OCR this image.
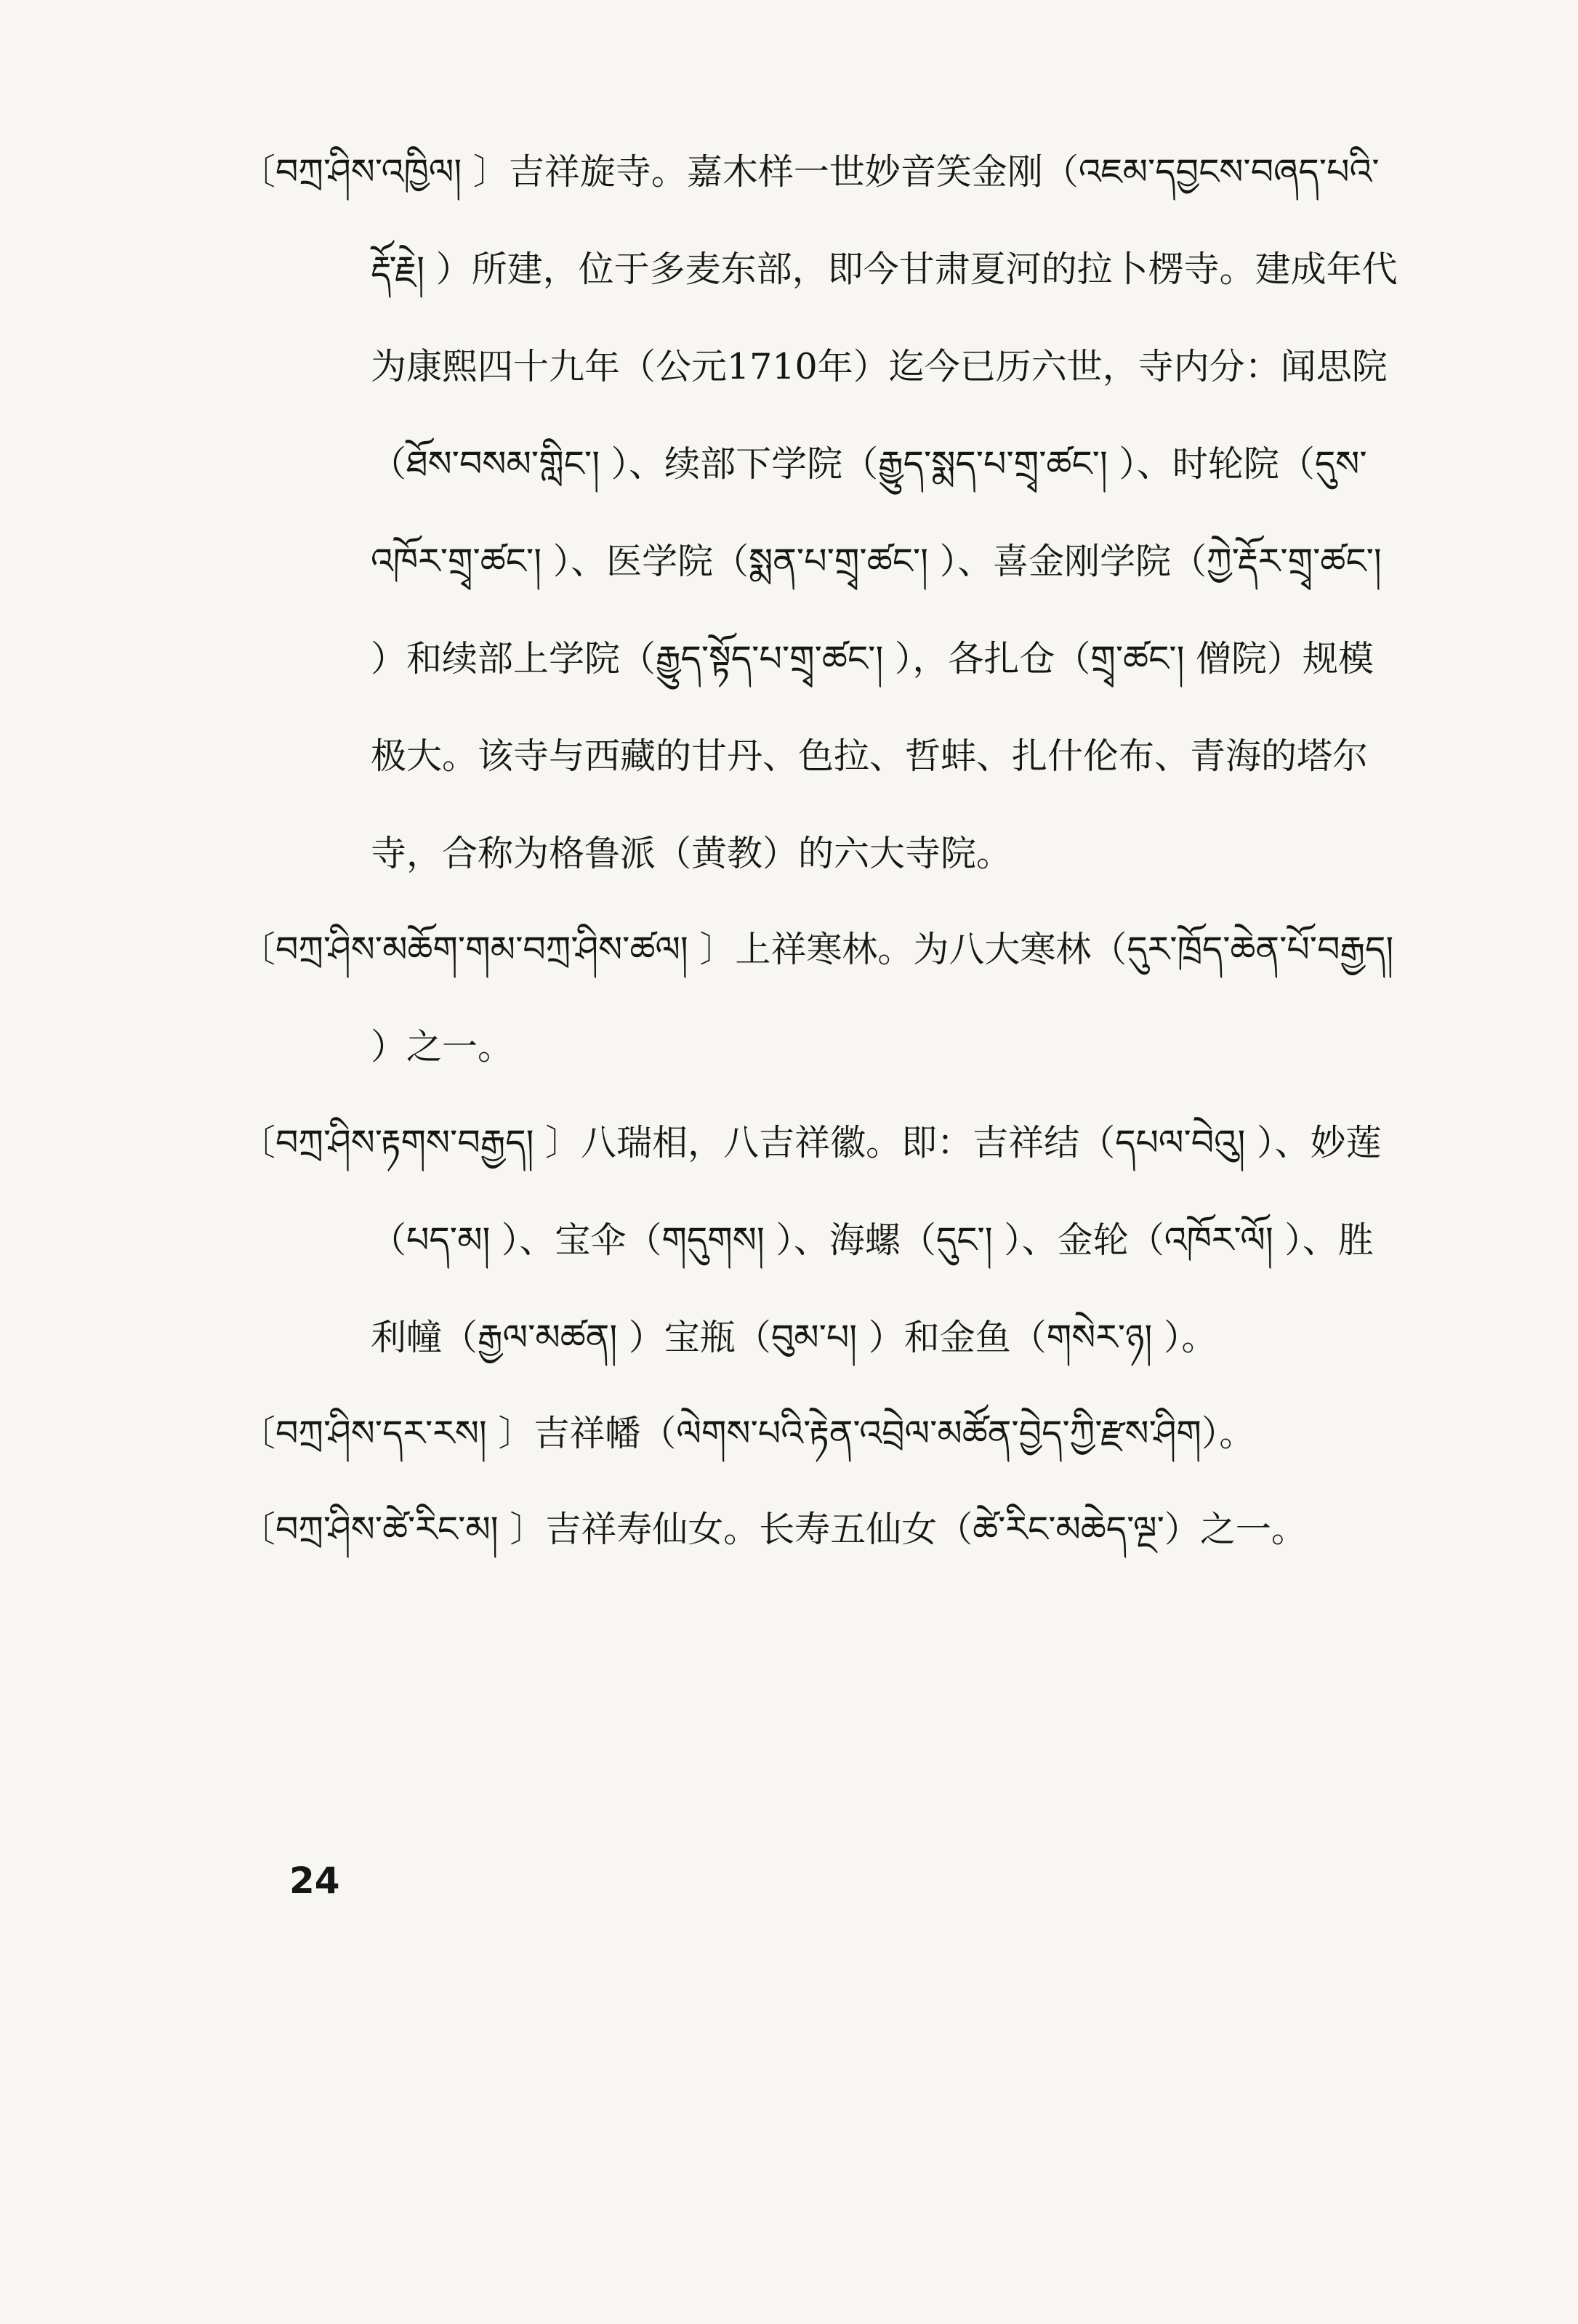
〔བཀྲ་ཤིས་འཁྱིལ། 〕吉祥旋寺。嘉木样一世妙音笑金刚（འཇམ་དབྱངས་བཞད་པའི་རྡོ་རྗེ། ）所建，位于多麦东部，即今甘肃夏河的拉卜楞寺。建成年代为康熙四十九年（公元1710年）迄今已历六世，寺内分：闻思院（ཐོས་བསམ་གླིང་། ）、续部下学院（རྒྱུད་སྨད་པ་གྲྭ་ཚང་། ）、时轮院（དུས་འཁོར་གྲྭ་ཚང་། ）、医学院（སྨན་པ་གྲྭ་ཚང་། ）、喜金刚学院（ཀྱེ་རྡོར་གྲྭ་ཚང་། ）和续部上学院（རྒྱུད་སྟོད་པ་གྲྭ་ཚང་། ），各扎仓（གྲྭ་ཚང་། 僧院）规模极大。该寺与西藏的甘丹、色拉、哲蚌、扎什伦布、青海的塔尔寺，合称为格鲁派（黄教）的六大寺院。

〔བཀྲ་ཤིས་མཆོག་གམ་བཀྲ་ཤིས་ཚལ། 〕上祥寒林。为八大寒林（དུར་ཁྲོད་ཆེན་པོ་བརྒྱད། ）之一。

〔བཀྲ་ཤིས་རྟགས་བརྒྱད། 〕八瑞相，八吉祥徽。即：吉祥结（དཔལ་བེའུ། ）、妙莲（པད་མ། ）、宝伞（གདུགས། ）、海螺（དུང་། ）、金轮（འཁོར་ལོ། ）、胜利幢（རྒྱལ་མཚན། ）宝瓶（བུམ་པ། ）和金鱼（གསེར་ཉ། ）。

〔བཀྲ་ཤིས་དར་རས། 〕吉祥幡（ལེགས་པའི་རྟེན་འབྲེལ་མཚོན་བྱེད་ཀྱི་རྫས་ཤིག）。

〔བཀྲ་ཤིས་ཚེ་རིང་མ། 〕吉祥寿仙女。长寿五仙女（ཚེ་རིང་མཆེད་ལྔ་）之一。

24
